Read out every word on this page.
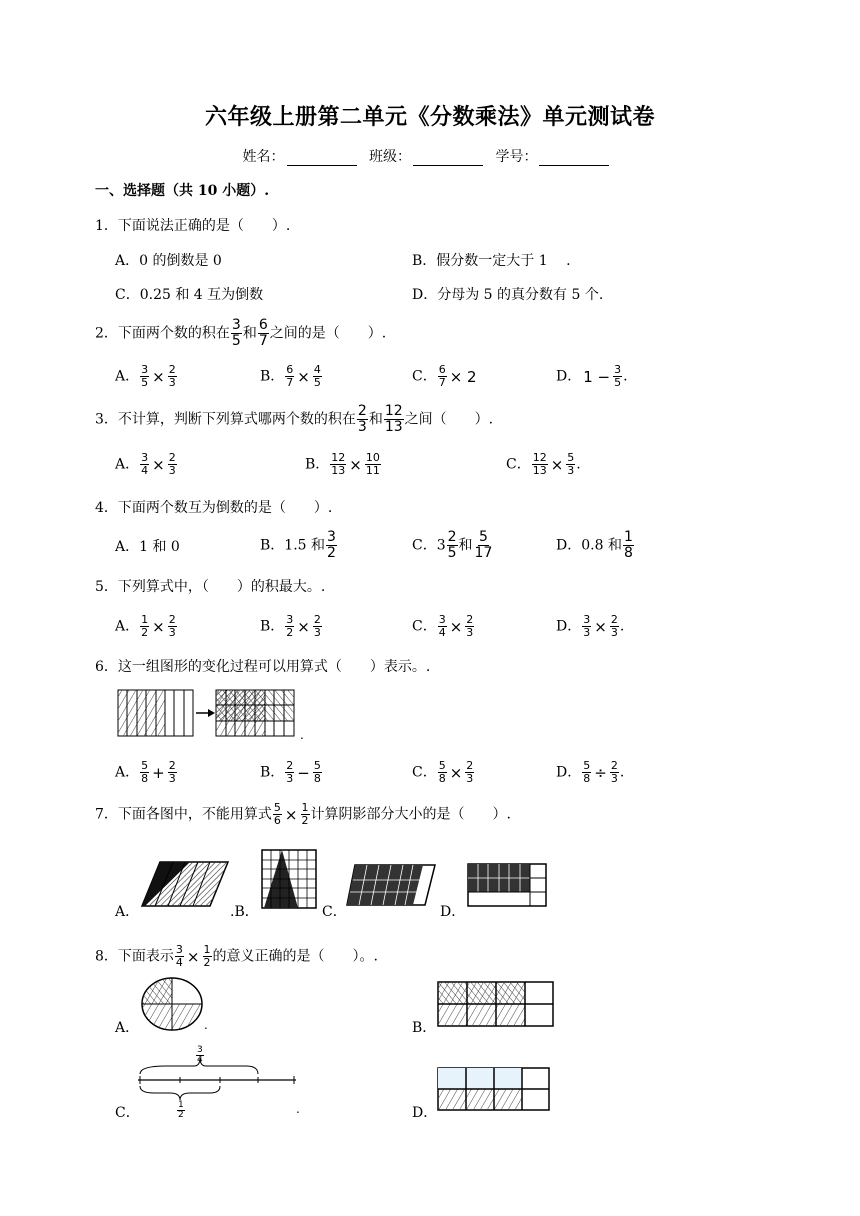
六年级上册第二单元《分数乘法》单元测试卷
姓名：	班级：	学号：
一、选择题（共 10 小题）.
1．下面说法正确的是（　　）.
A．0 的倒数是 0	B．假分数一定大于 1　 .
C．0.25 和 4 互为倒数	D．分母为 5 的真分数有 5 个.
2．下面两个数的积在 $\frac{3}{5}$ 和 $\frac{6}{7}$ 之间的是（　　）.
A． $\frac{3}{5} \times \frac{2}{3}$	B． $\frac{6}{7} \times \frac{4}{5}$	C． $\frac{6}{7} \times 2$	D． $1 - \frac{3}{5}$ .
3．不计算，判断下列算式哪两个数的积在 $\frac{2}{3}$ 和 $\frac{12}{13}$ 之间（　　）.
A． $\frac{3}{4} \times \frac{2}{3}$	B． $\frac{12}{13} \times \frac{10}{11}$	C． $\frac{12}{13} \times \frac{5}{3}$ .
4．下面两个数互为倒数的是（　　）.
A．1 和 0	B．1.5 和 $\frac{3}{2}$	C．$3 \frac{2}{5}$ 和 $\frac{5}{17}$	D．0.8 和 $\frac{1}{8}$
5．下列算式中，（　　）的积最大。.
A． $\frac{1}{2} \times \frac{2}{3}$	B． $\frac{3}{2} \times \frac{2}{3}$	C． $\frac{3}{4} \times \frac{2}{3}$	D． $\frac{3}{3} \times \frac{2}{3}$ .
6．这一组图形的变化过程可以用算式（　　）表示。.
.
A． $\frac{5}{8} + \frac{2}{3}$	B． $\frac{2}{3} - \frac{5}{8}$	C． $\frac{5}{8} \times \frac{2}{3}$	D． $\frac{5}{8} \div \frac{2}{3}$ .
7．下面各图中，不能用算式 $\frac{5}{6} \times \frac{1}{2}$ 计算阴影部分大小的是（　　）.
A．	.B．	C．	D．
8．下面表示 $\frac{3}{4} \times \frac{1}{2}$ 的意义正确的是（　　）。.
A．	.	B．
C．
$\frac{3}{4}$
$\frac{1}{2}$	.	D．
